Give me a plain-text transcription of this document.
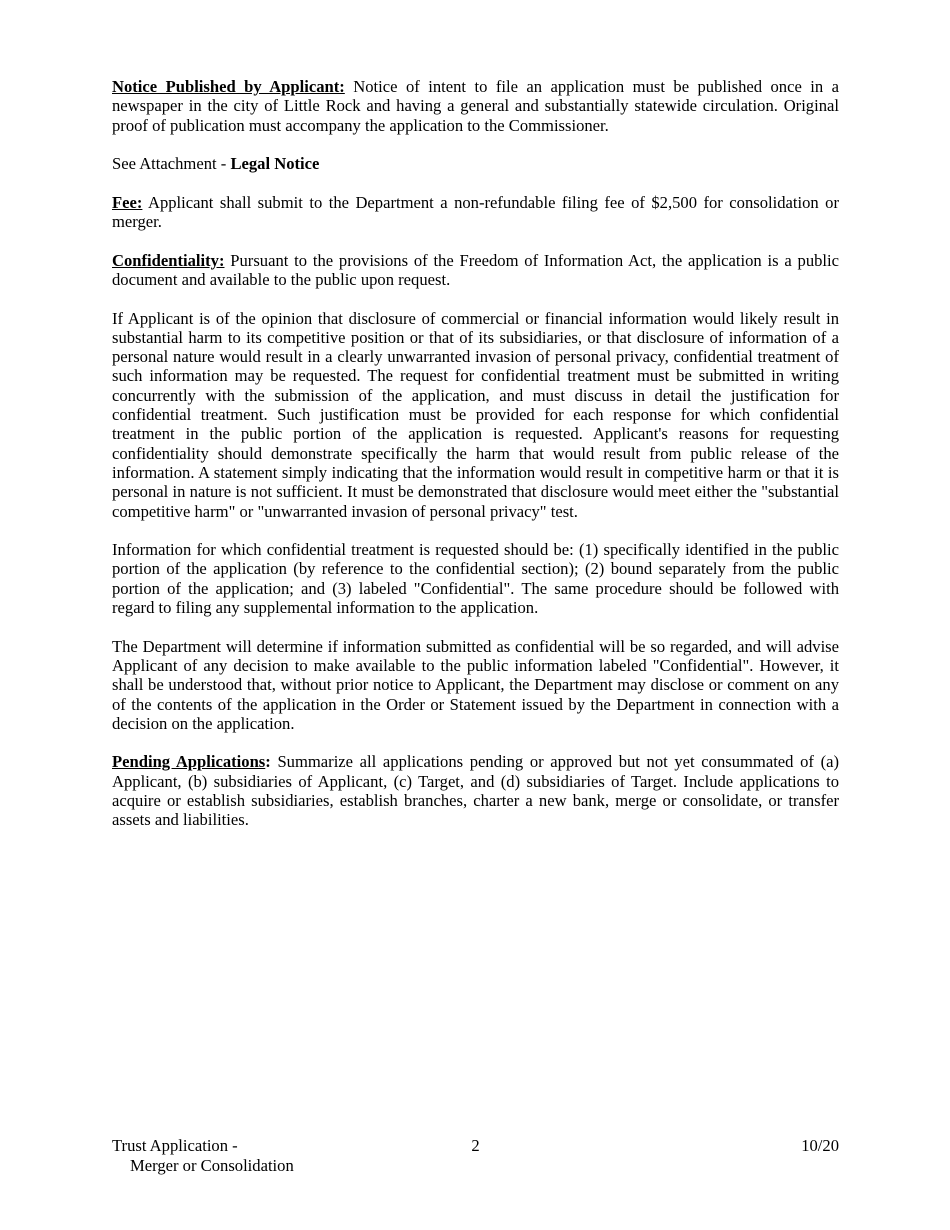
Notice Published by Applicant: Notice of intent to file an application must be published once in a newspaper in the city of Little Rock and having a general and substantially statewide circulation. Original proof of publication must accompany the application to the Commissioner.

See Attachment - Legal Notice

Fee: Applicant shall submit to the Department a non-refundable filing fee of $2,500 for consolidation or merger.

Confidentiality: Pursuant to the provisions of the Freedom of Information Act, the application is a public document and available to the public upon request.

If Applicant is of the opinion that disclosure of commercial or financial information would likely result in substantial harm to its competitive position or that of its subsidiaries, or that disclosure of information of a personal nature would result in a clearly unwarranted invasion of personal privacy, confidential treatment of such information may be requested. The request for confidential treatment must be submitted in writing concurrently with the submission of the application, and must discuss in detail the justification for confidential treatment. Such justification must be provided for each response for which confidential treatment in the public portion of the application is requested. Applicant's reasons for requesting confidentiality should demonstrate specifically the harm that would result from public release of the information. A statement simply indicating that the information would result in competitive harm or that it is personal in nature is not sufficient. It must be demonstrated that disclosure would meet either the "substantial competitive harm" or "unwarranted invasion of personal privacy" test.

Information for which confidential treatment is requested should be: (1) specifically identified in the public portion of the application (by reference to the confidential section); (2) bound separately from the public portion of the application; and (3) labeled "Confidential". The same procedure should be followed with regard to filing any supplemental information to the application.

The Department will determine if information submitted as confidential will be so regarded, and will advise Applicant of any decision to make available to the public information labeled "Confidential". However, it shall be understood that, without prior notice to Applicant, the Department may disclose or comment on any of the contents of the application in the Order or Statement issued by the Department in connection with a decision on the application.

Pending Applications: Summarize all applications pending or approved but not yet consummated of (a) Applicant, (b) subsidiaries of Applicant, (c) Target, and (d) subsidiaries of Target. Include applications to acquire or establish subsidiaries, establish branches, charter a new bank, merge or consolidate, or transfer assets and liabilities.

Trust Application -
Merger or Consolidation
2	10/20
